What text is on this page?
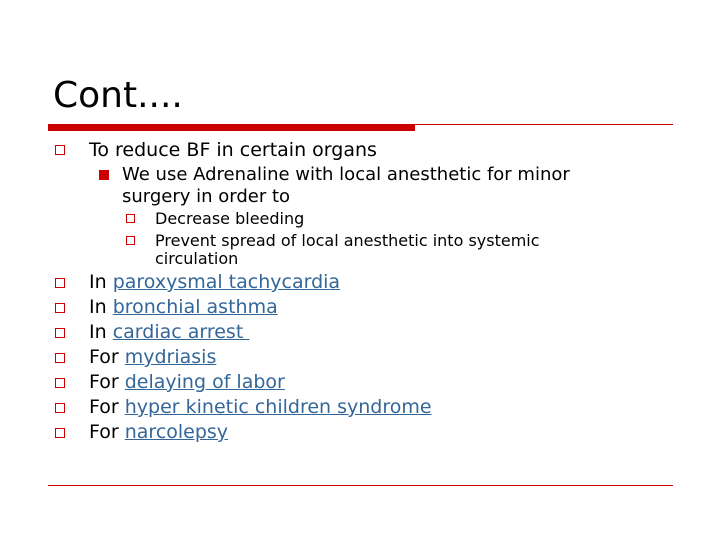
Cont....
To reduce BF in certain organs
We use Adrenaline with local anesthetic for minor
surgery in order to
Decrease bleeding
Prevent spread of local anesthetic into systemic
circulation
In paroxysmal tachycardia
In bronchial asthma
In cardiac arrest
For mydriasis
For delaying of labor
For hyper kinetic children syndrome
For narcolepsy
